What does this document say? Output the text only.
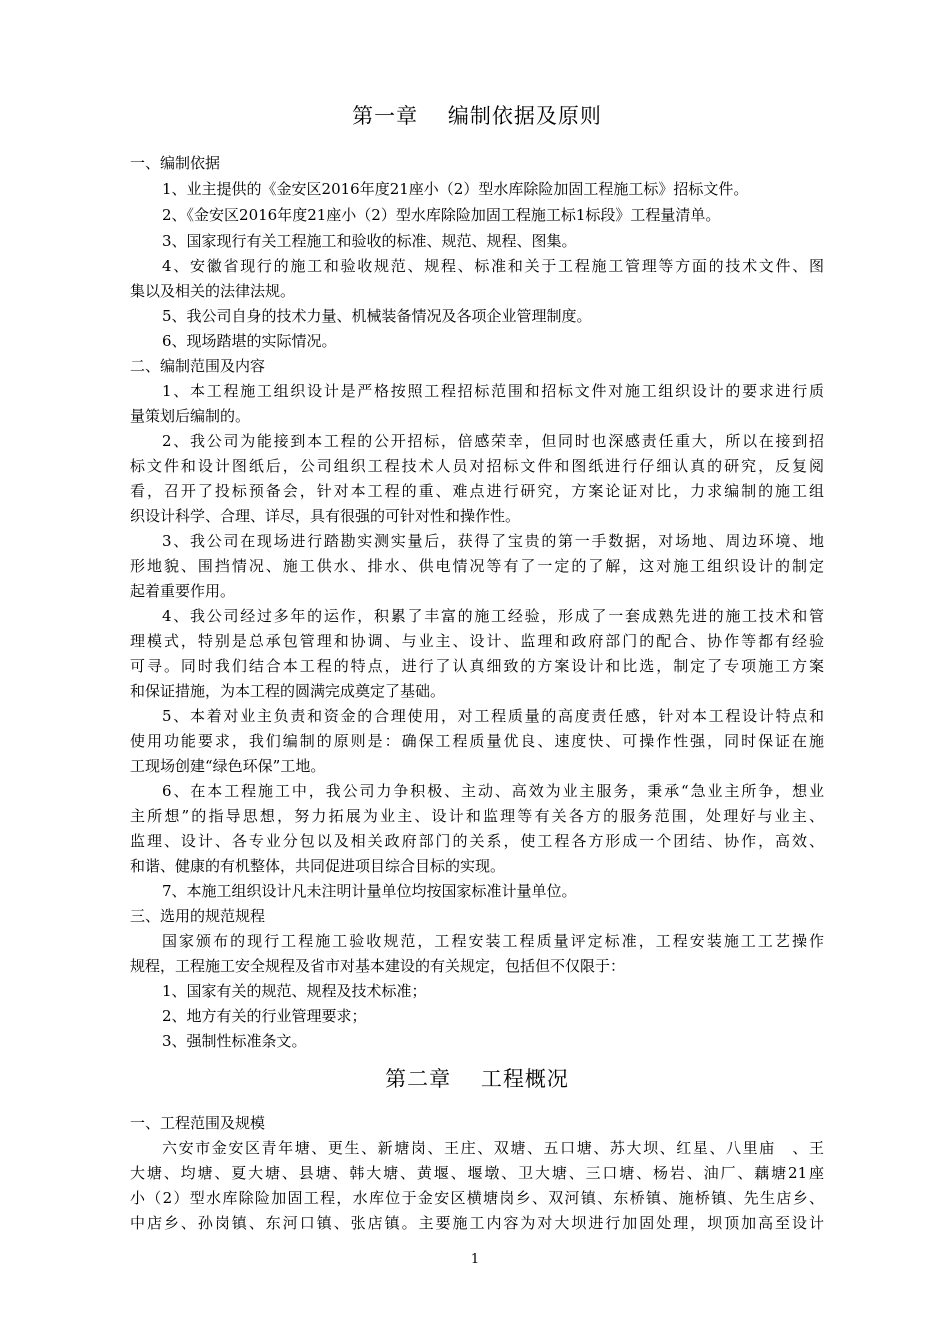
第一章　 编制依据及原则
一、编制依据
1、业主提供的《金安区2016年度21座小（2）型水库除险加固工程施工标》招标文件。
2、《金安区2016年度21座小（2）型水库除险加固工程施工标1标段》工程量清单。
3、国家现行有关工程施工和验收的标准、规范、规程、图集。
4、安徽省现行的施工和验收规范、规程、标准和关于工程施工管理等方面的技术文件、图
集以及相关的法律法规。
5、我公司自身的技术力量、机械装备情况及各项企业管理制度。
6、现场踏堪的实际情况。
二、编制范围及内容
1、本工程施工组织设计是严格按照工程招标范围和招标文件对施工组织设计的要求进行质
量策划后编制的。
2、我公司为能接到本工程的公开招标，倍感荣幸，但同时也深感责任重大，所以在接到招
标文件和设计图纸后，公司组织工程技术人员对招标文件和图纸进行仔细认真的研究，反复阅
看，召开了投标预备会，针对本工程的重、难点进行研究，方案论证对比，力求编制的施工组
织设计科学、合理、详尽，具有很强的可针对性和操作性。
3、我公司在现场进行踏勘实测实量后，获得了宝贵的第一手数据，对场地、周边环境、地
形地貌、围挡情况、施工供水、排水、供电情况等有了一定的了解，这对施工组织设计的制定
起着重要作用。
4、我公司经过多年的运作，积累了丰富的施工经验，形成了一套成熟先进的施工技术和管
理模式，特别是总承包管理和协调、与业主、设计、监理和政府部门的配合、协作等都有经验
可寻。同时我们结合本工程的特点，进行了认真细致的方案设计和比选，制定了专项施工方案
和保证措施，为本工程的圆满完成奠定了基础。
5、本着对业主负责和资金的合理使用，对工程质量的高度责任感，针对本工程设计特点和
使用功能要求，我们编制的原则是：确保工程质量优良、速度快、可操作性强，同时保证在施
工现场创建“绿色环保”工地。
6、在本工程施工中，我公司力争积极、主动、高效为业主服务，秉承“急业主所争，想业
主所想”的指导思想，努力拓展为业主、设计和监理等有关各方的服务范围，处理好与业主、
监理、设计、各专业分包以及相关政府部门的关系，使工程各方形成一个团结、协作，高效、
和谐、健康的有机整体，共同促进项目综合目标的实现。
7、本施工组织设计凡未注明计量单位均按国家标准计量单位。
三、选用的规范规程
国家颁布的现行工程施工验收规范，工程安装工程质量评定标准，工程安装施工工艺操作
规程，工程施工安全规程及省市对基本建设的有关规定，包括但不仅限于：
1、国家有关的规范、规程及技术标准；
2、地方有关的行业管理要求；
3、强制性标准条文。
第二章　 工程概况
一、工程范围及规模
六安市金安区青年塘、更生、新塘岗、王庄、双塘、五口塘、苏大坝、红星、八里庙　、王
大塘、均塘、夏大塘、县塘、韩大塘、黄堰、堰墩、卫大塘、三口塘、杨岩、油厂、藕塘21座
小（2）型水库除险加固工程，水库位于金安区横塘岗乡、双河镇、东桥镇、施桥镇、先生店乡、
中店乡、孙岗镇、东河口镇、张店镇。主要施工内容为对大坝进行加固处理，坝顶加高至设计
1
